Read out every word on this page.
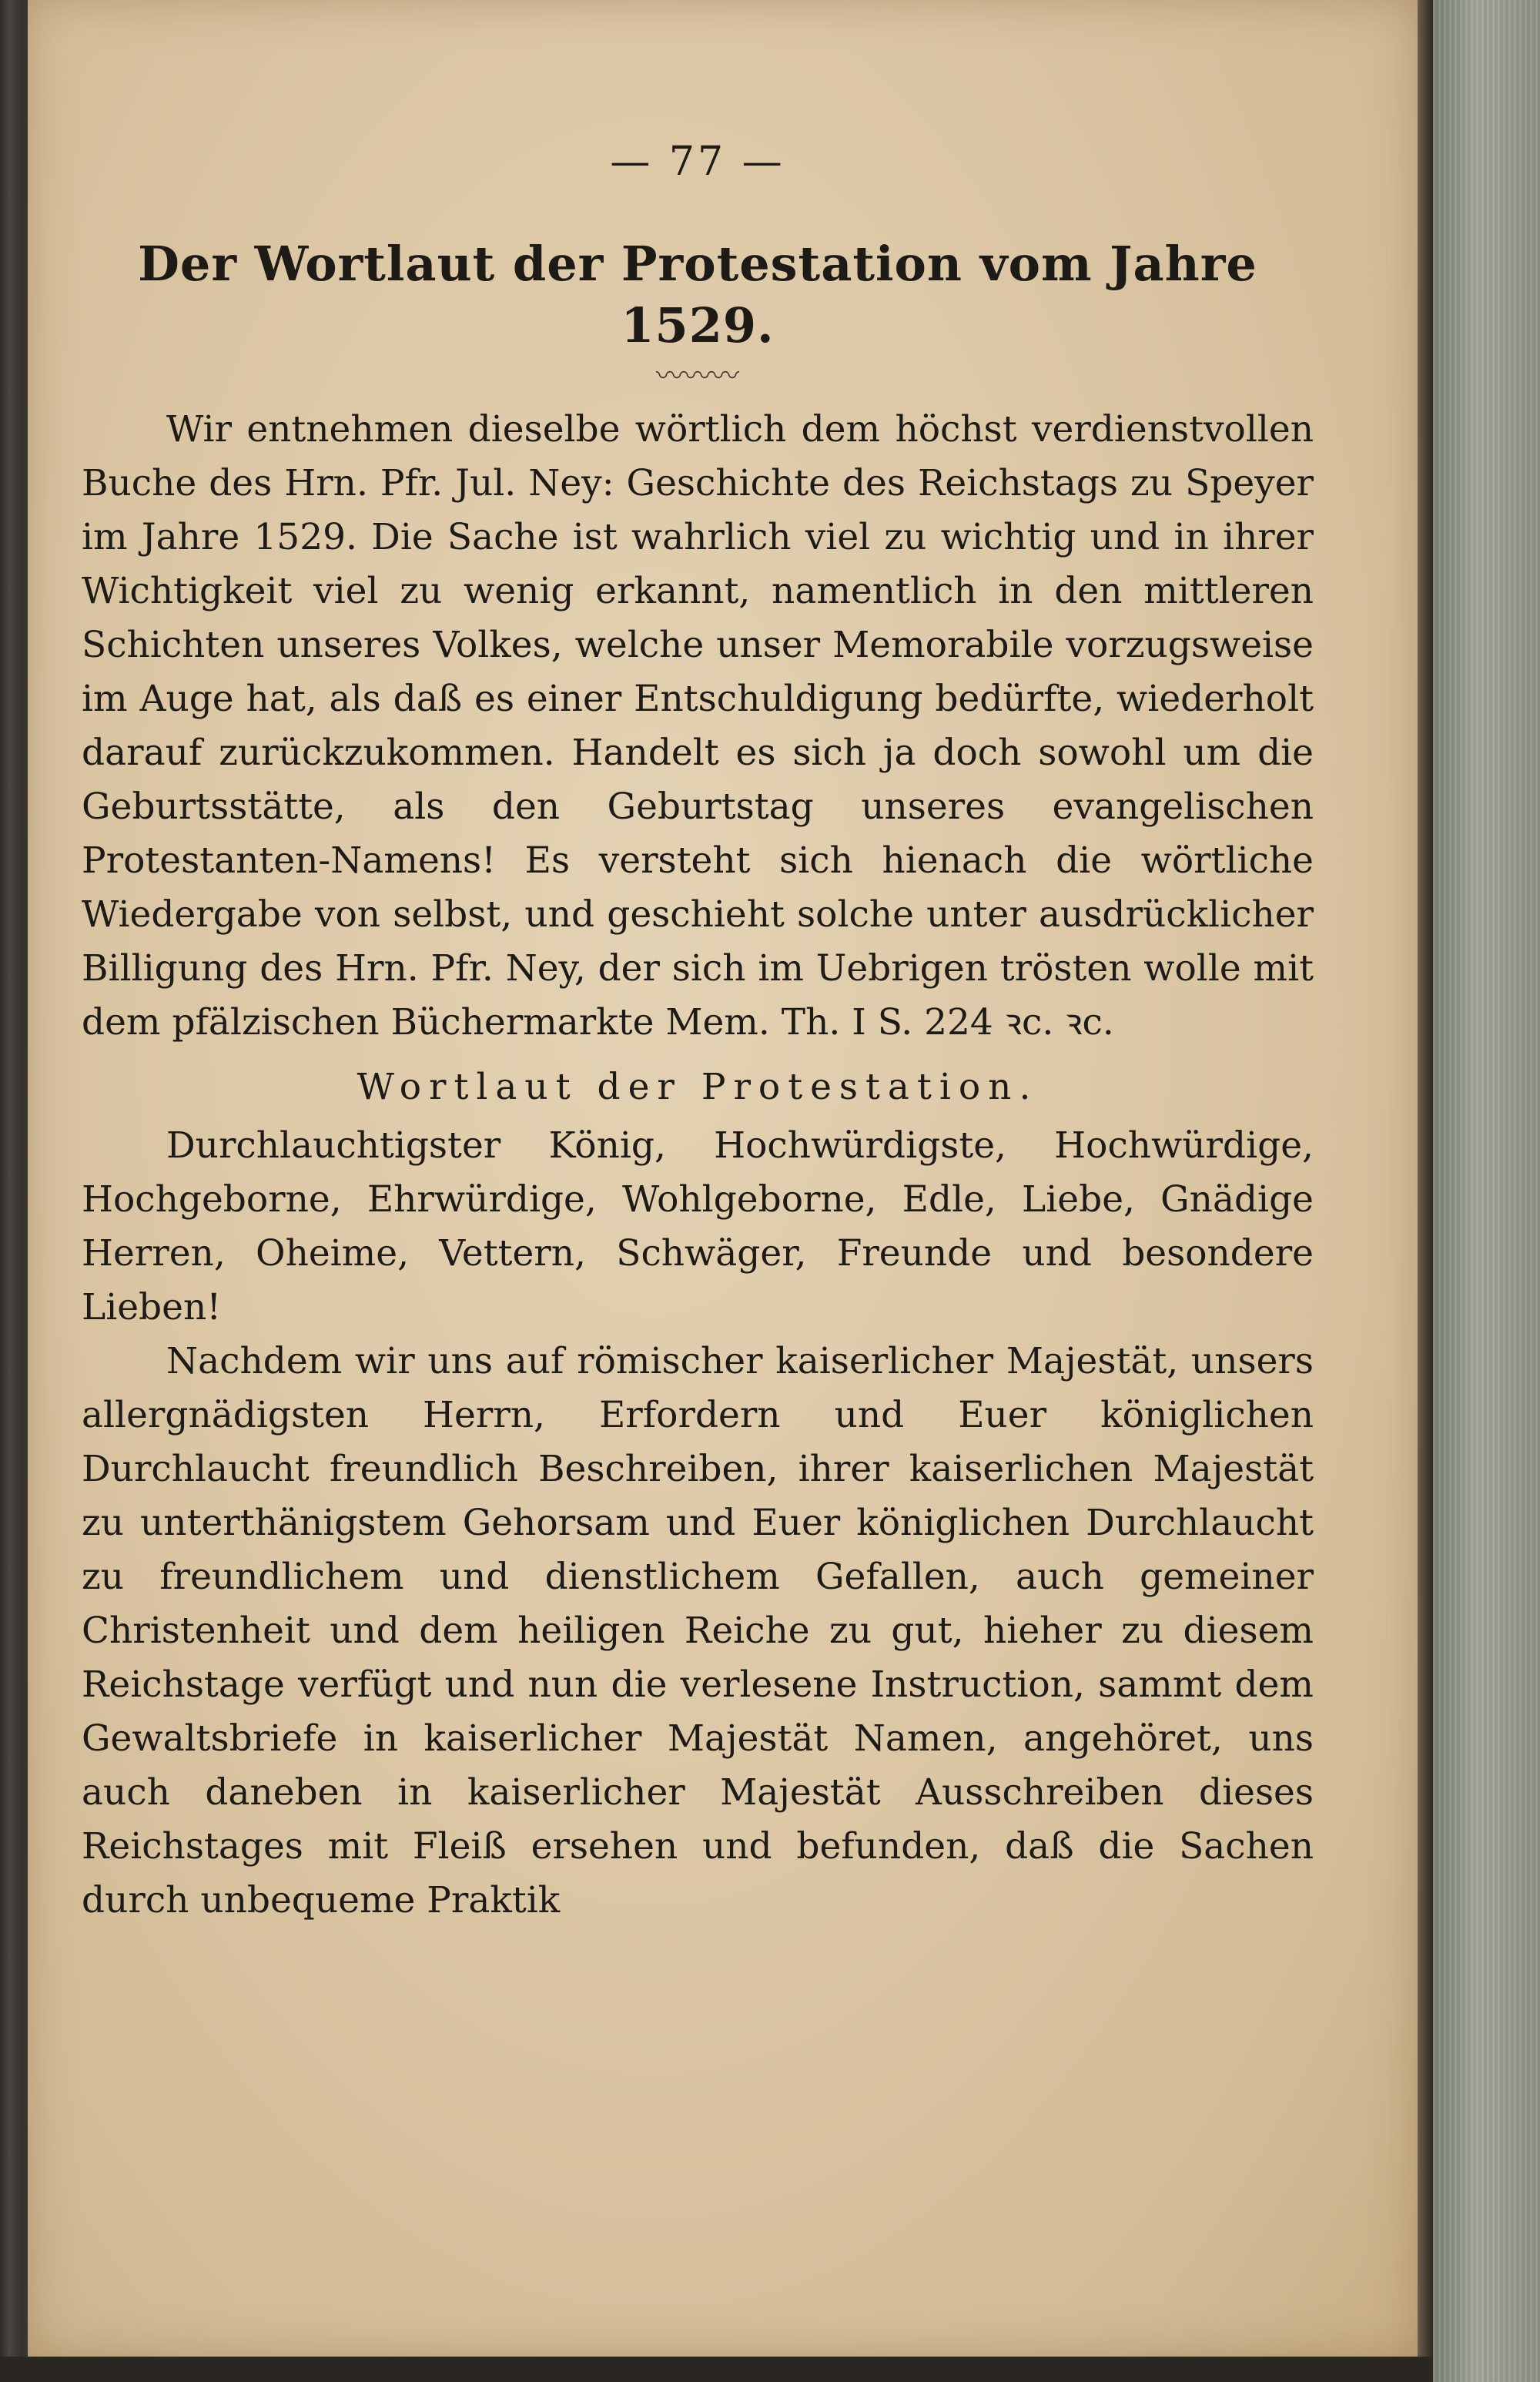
— 77 —
Der Wortlaut der Protestation vom Jahre 1529.
〰〰〰

Wir entnehmen dieselbe wörtlich dem höchst verdienstvollen Buche des Hrn. Pfr. Jul. Ney: Geschichte des Reichstags zu Speyer im Jahre 1529. Die Sache ist wahrlich viel zu wichtig und in ihrer Wichtigkeit viel zu wenig erkannt, namentlich in den mittleren Schichten unseres Volkes, welche unser Memorabile vorzugsweise im Auge hat, als daß es einer Entschuldigung bedürfte, wiederholt darauf zurückzukommen. Handelt es sich ja doch sowohl um die Geburtsstätte, als den Geburtstag unseres evangelischen Protestanten-Namens! Es versteht sich hienach die wörtliche Wiedergabe von selbst, und geschieht solche unter ausdrücklicher Billigung des Hrn. Pfr. Ney, der sich im Uebrigen trösten wolle mit dem pfälzischen Büchermarkte Mem. Th. I S. 224 ꝛc. ꝛc.

Wortlaut der Protestation.

Durchlauchtigster König, Hochwürdigste, Hochwürdige, Hochgeborne, Ehrwürdige, Wohlgeborne, Edle, Liebe, Gnädige Herren, Oheime, Vettern, Schwäger, Freunde und besondere Lieben!

Nachdem wir uns auf römischer kaiserlicher Majestät, unsers allergnädigsten Herrn, Erfordern und Euer königlichen Durchlaucht freundlich Beschreiben, ihrer kaiserlichen Majestät zu unterthänigstem Gehorsam und Euer königlichen Durchlaucht zu freundlichem und dienstlichem Gefallen, auch gemeiner Christenheit und dem heiligen Reiche zu gut, hieher zu diesem Reichstage verfügt und nun die verlesene Instruction, sammt dem Gewaltsbriefe in kaiserlicher Majestät Namen, angehöret, uns auch daneben in kaiserlicher Majestät Ausschreiben dieses Reichstages mit Fleiß ersehen und befunden, daß die Sachen durch unbequeme Praktik
